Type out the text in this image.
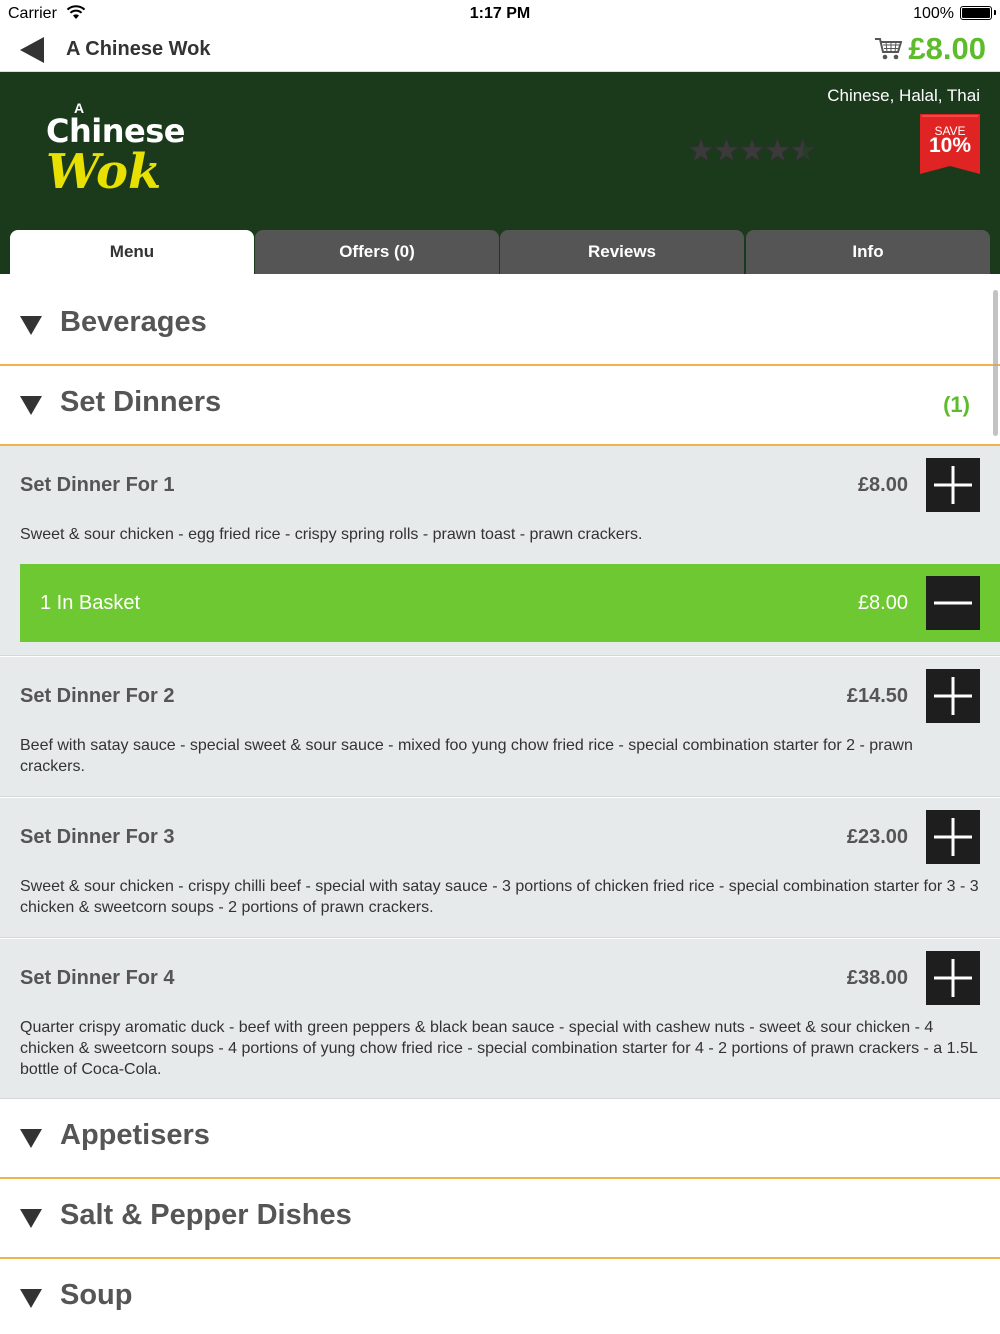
Carrier	1:17 PM	100%
A Chinese Wok	£8.00
A
Chinese
Wok
Chinese, Halal, Thai
SAVE
10%
Menu	Offers (0)	Reviews	Info
Beverages
Set Dinners	(1)
Set Dinner For 1	£8.00
Sweet & sour chicken - egg fried rice - crispy spring rolls - prawn toast - prawn crackers.
1 In Basket	£8.00
Set Dinner For 2	£14.50
Beef with satay sauce - special sweet & sour sauce - mixed foo yung chow fried rice - special combination starter for 2 - prawn crackers.
Set Dinner For 3	£23.00
Sweet & sour chicken - crispy chilli beef - special with satay sauce - 3 portions of chicken fried rice - special combination starter for 3 - 3 chicken & sweetcorn soups - 2 portions of prawn crackers.
Set Dinner For 4	£38.00
Quarter crispy aromatic duck - beef with green peppers & black bean sauce - special with cashew nuts - sweet & sour chicken - 4 chicken & sweetcorn soups - 4 portions of yung chow fried rice - special combination starter for 4 - 2 portions of prawn crackers - a 1.5L bottle of Coca-Cola.
Appetisers
Salt & Pepper Dishes
Soup
